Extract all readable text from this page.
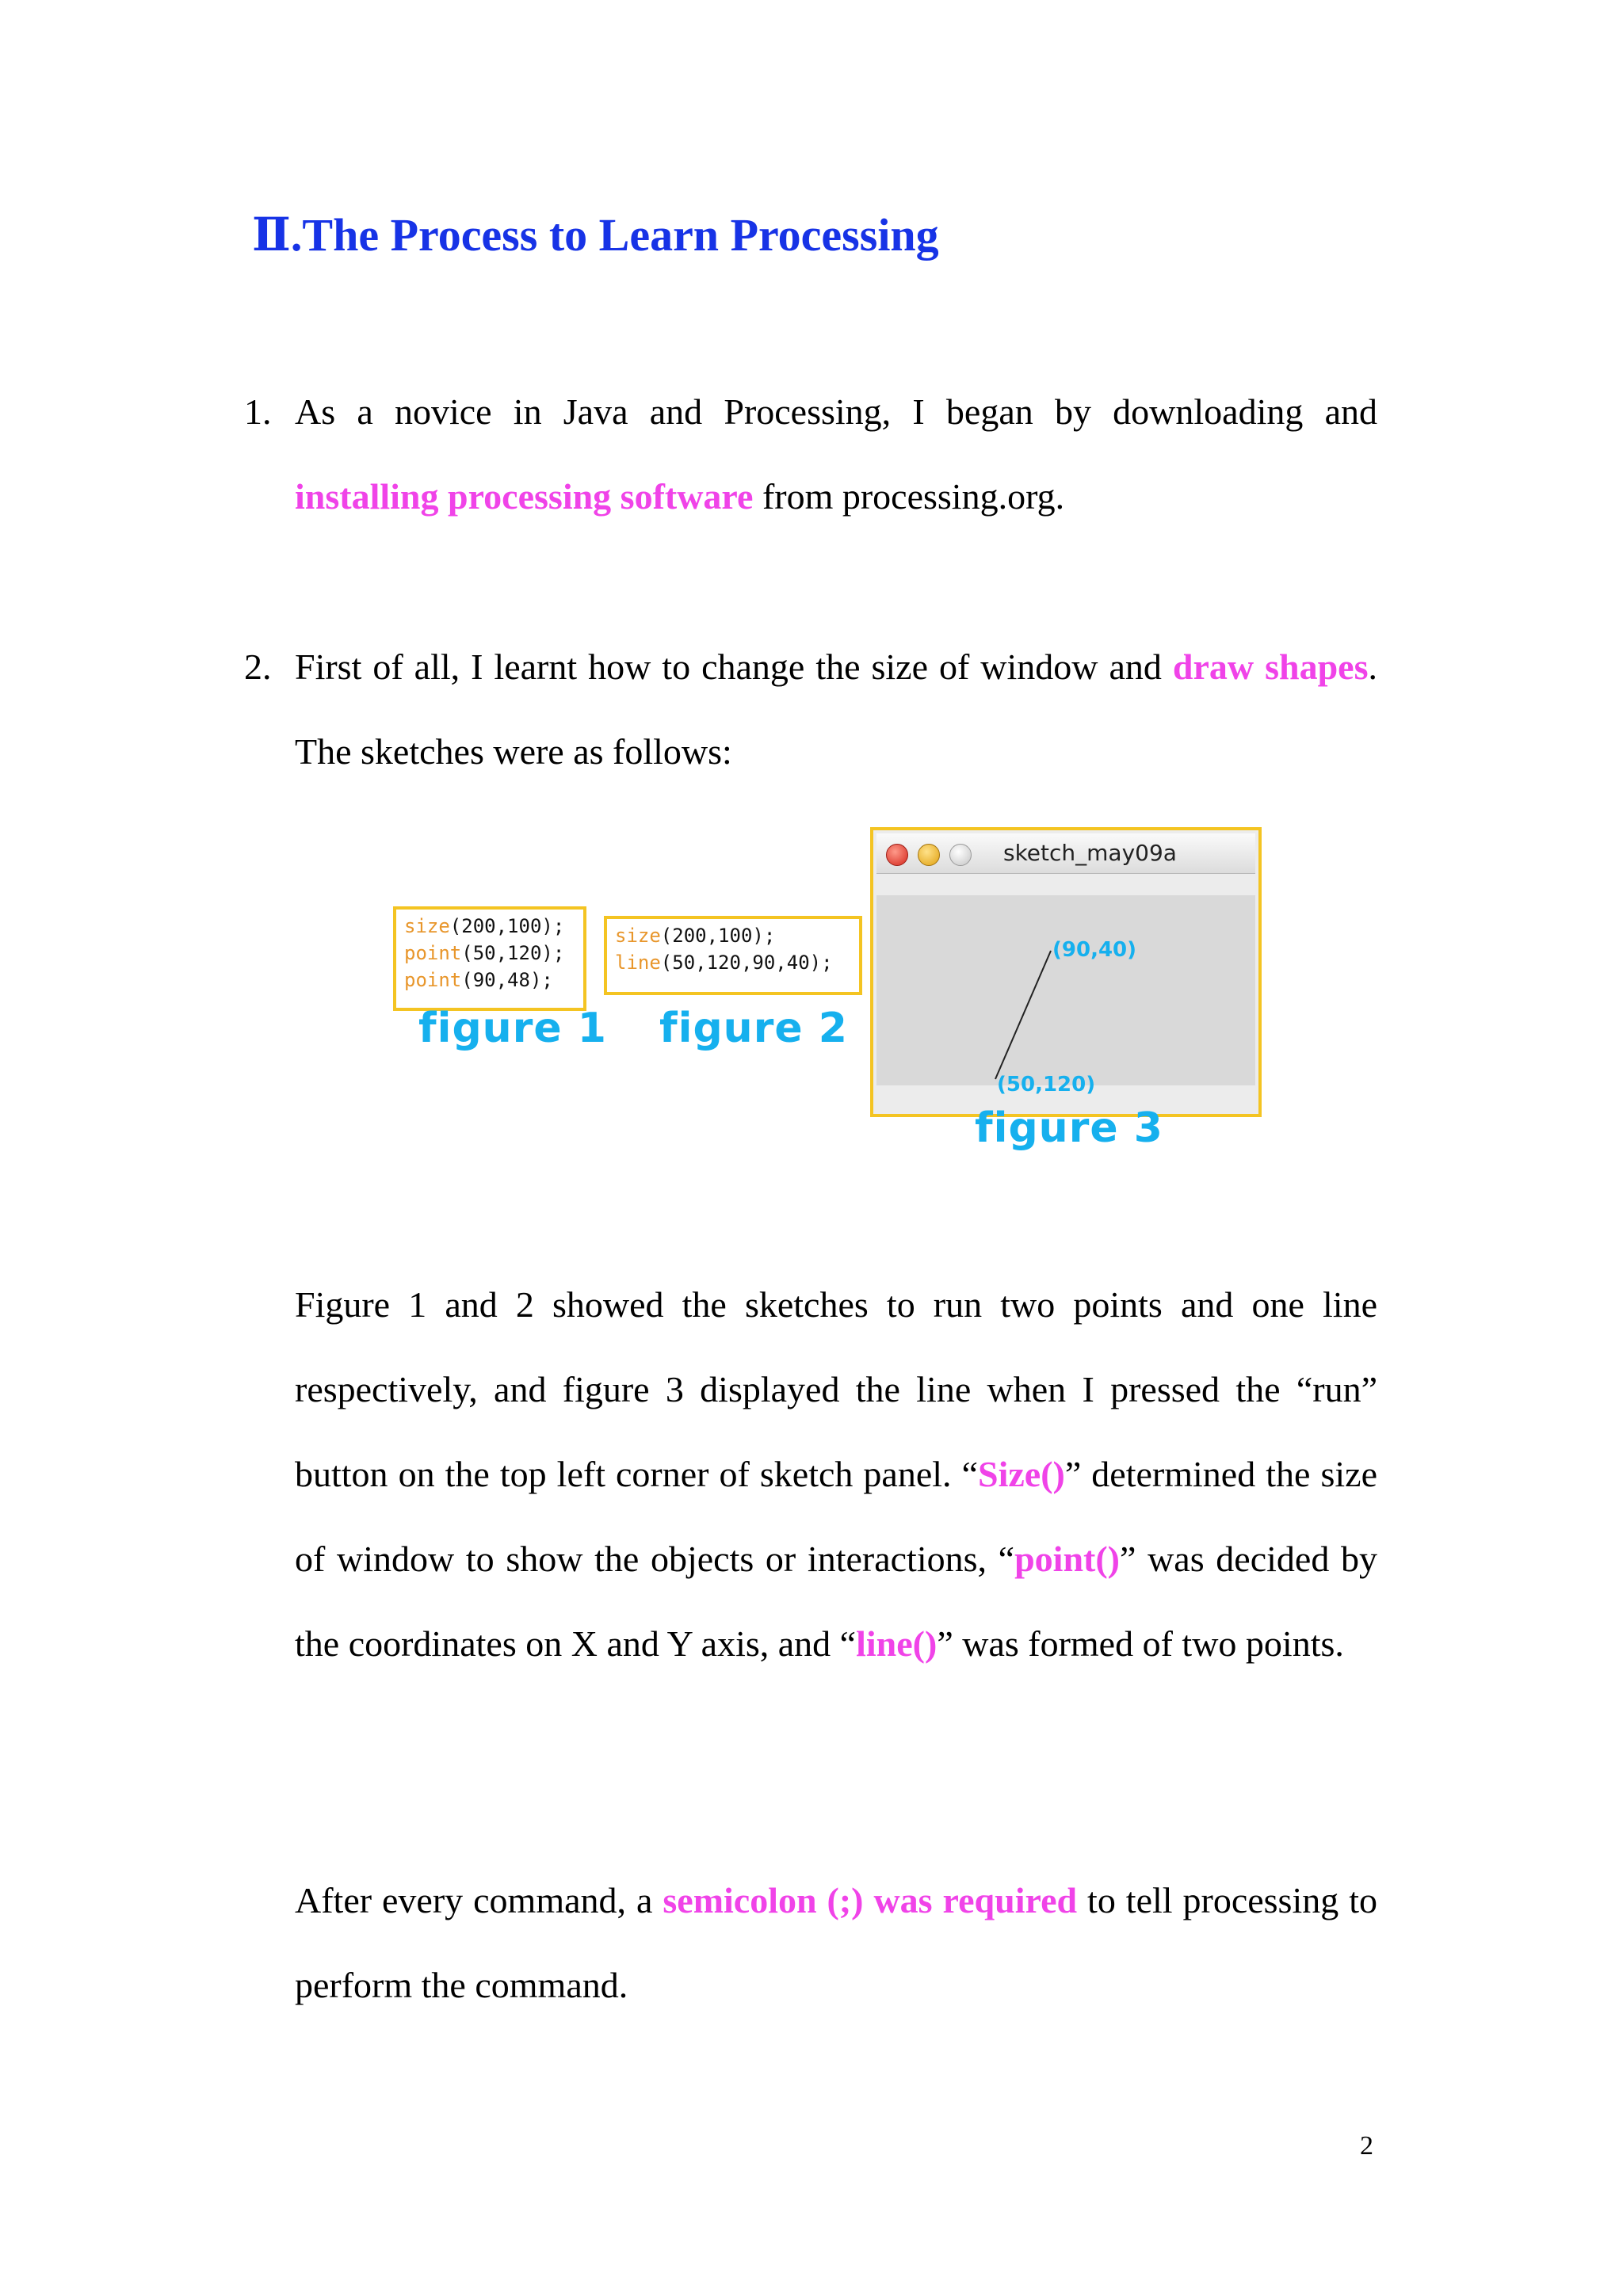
Ⅱ.The Process to Learn Processing
1. As a novice in Java and Processing, I began by downloading and installing processing software from processing.org.

2. First of all, I learnt how to change the size of window and draw shapes. The sketches were as follows:

size(200,100);
point(50,120);
point(90,48);
figure 1
size(200,100);
line(50,120,90,40);
figure 2
sketch_may09a
(90,40)
(50,120)
figure 3

Figure 1 and 2 showed the sketches to run two points and one line respectively, and figure 3 displayed the line when I pressed the “run” button on the top left corner of sketch panel. “Size()” determined the size of window to show the objects or interactions, “point()” was decided by the coordinates on X and Y axis, and “line()” was formed of two points.

After every command, a semicolon (;) was required to tell processing to perform the command.

2
